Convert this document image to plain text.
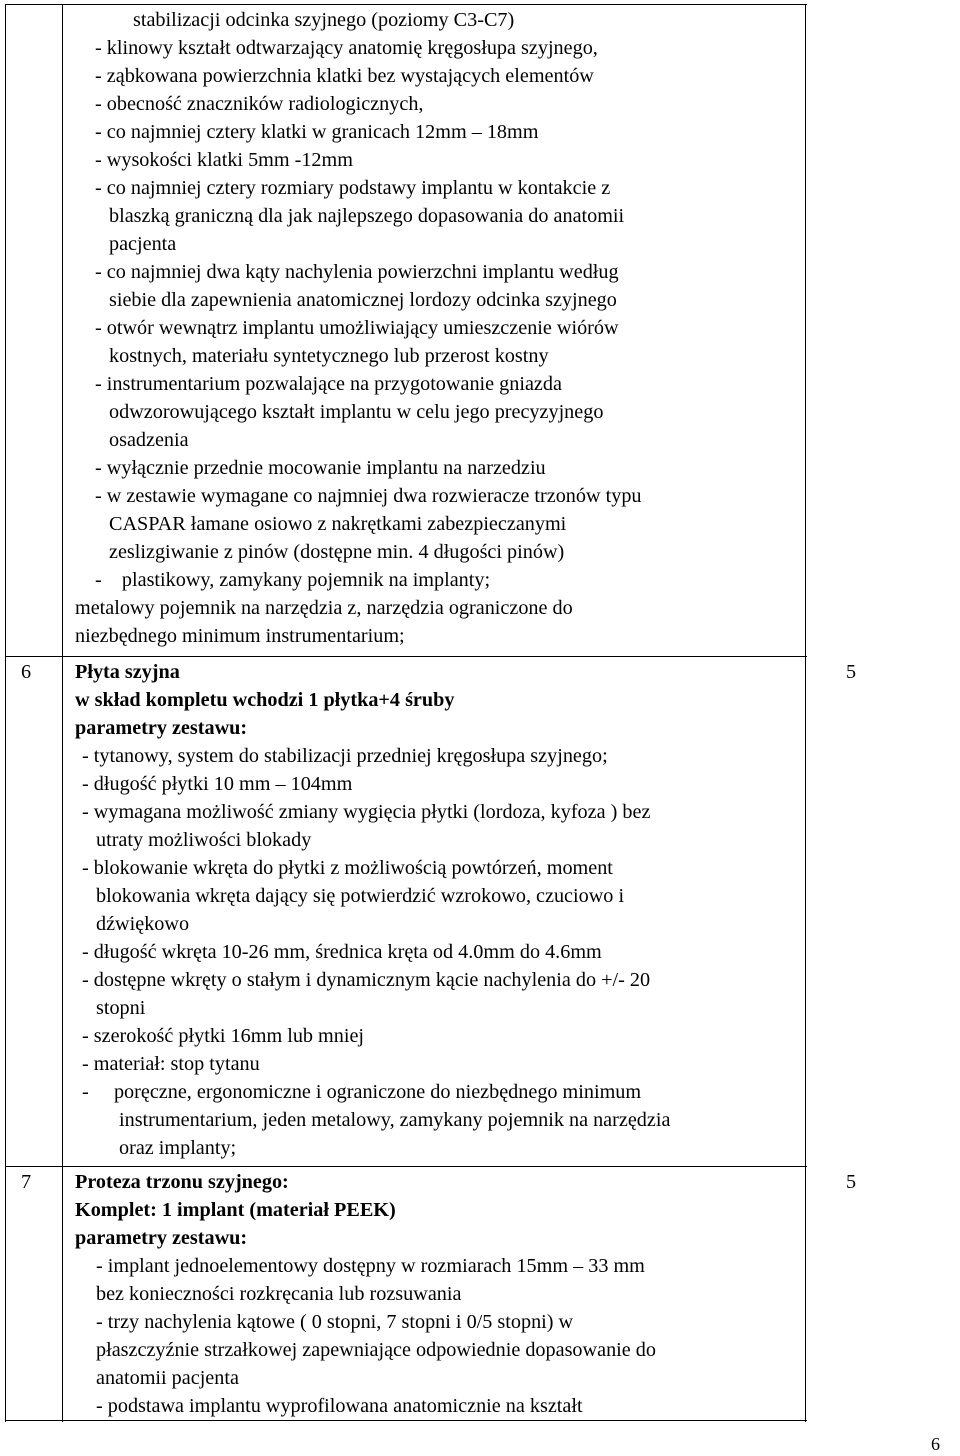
stabilizacji odcinka szyjnego (poziomy C3-C7)
- klinowy kształt odtwarzający anatomię kręgosłupa szyjnego,
- ząbkowana powierzchnia klatki bez wystających elementów
- obecność znaczników radiologicznych,
- co najmniej cztery klatki w granicach 12mm – 18mm
- wysokości klatki 5mm -12mm
- co najmniej cztery rozmiary podstawy implantu w kontakcie z
blaszką graniczną dla jak najlepszego dopasowania do anatomii
pacjenta
- co najmniej dwa kąty nachylenia powierzchni implantu według
siebie dla zapewnienia anatomicznej lordozy odcinka szyjnego
- otwór wewnątrz implantu umożliwiający umieszczenie wiórów
kostnych, materiału syntetycznego lub przerost kostny
- instrumentarium pozwalające na przygotowanie gniazda
odwzorowującego kształt implantu w celu jego precyzyjnego
osadzenia
- wyłącznie przednie mocowanie implantu na narzedziu
- w zestawie wymagane co najmniej dwa rozwieracze trzonów typu
CASPAR łamane osiowo z nakrętkami zabezpieczanymi
zeslizgiwanie z pinów (dostępne min. 4 długości pinów)
-    plastikowy, zamykany pojemnik na implanty;
metalowy pojemnik na narzędzia z, narzędzia ograniczone do
niezbędnego minimum instrumentarium;
6 Płyta szyjna
w skład kompletu wchodzi 1 płytka+4 śruby
parametry zestawu:
- tytanowy, system do stabilizacji przedniej kręgosłupa szyjnego;
- długość płytki 10 mm – 104mm
- wymagana możliwość zmiany wygięcia płytki (lordoza, kyfoza ) bez
utraty możliwości blokady
- blokowanie wkręta do płytki z możliwością powtórzeń, moment
blokowania wkręta dający się potwierdzić wzrokowo, czuciowo i
dźwiękowo
- długość wkręta 10-26 mm, średnica kręta od 4.0mm do 4.6mm
- dostępne wkręty o stałym i dynamicznym kącie nachylenia do +/- 20
stopni
- szerokość płytki 16mm lub mniej
- materiał: stop tytanu
-     poręczne, ergonomiczne i ograniczone do niezbędnego minimum
instrumentarium, jeden metalowy, zamykany pojemnik na narzędzia
oraz implanty;
5
7 Proteza trzonu szyjnego:
Komplet: 1 implant (materiał PEEK)
parametry zestawu:
- implant jednoelementowy dostępny w rozmiarach 15mm – 33 mm
bez konieczności rozkręcania lub rozsuwania
- trzy nachylenia kątowe ( 0 stopni, 7 stopni i 0/5 stopni) w
płaszczyźnie strzałkowej zapewniające odpowiednie dopasowanie do
anatomii pacjenta
- podstawa implantu wyprofilowana anatomicznie na kształt
5
6
